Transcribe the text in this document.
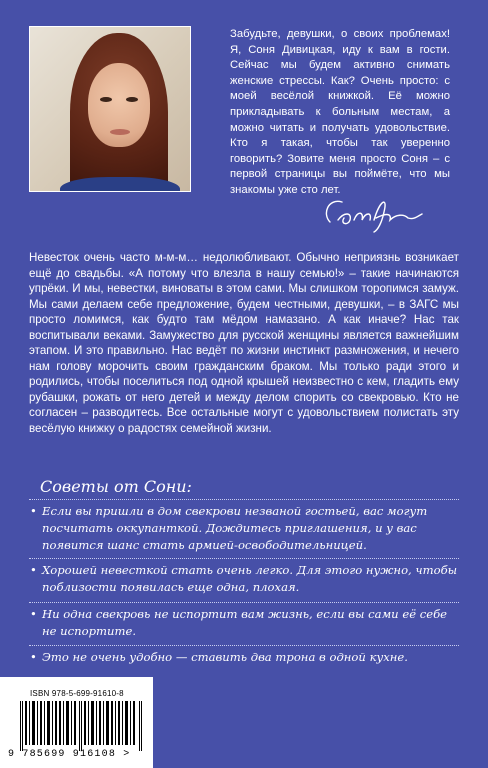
Забудьте, девушки, о своих проблемах! Я, Соня Дивицкая, иду к вам в гости. Сейчас мы будем активно снимать женские стрессы. Как? Очень просто: с моей весёлой книжкой. Её можно прикладывать к больным местам, а можно читать и получать удовольствие. Кто я такая, чтобы так уверенно говорить? Зовите меня просто Соня – с первой страницы вы поймёте, что мы знакомы уже сто лет.

Невесток очень часто м-м-м… недолюбливают. Обычно неприязнь возникает ещё до свадьбы. «А потому что влезла в нашу семью!» – такие начинаются упрёки. И мы, невестки, виноваты в этом сами. Мы слишком торопимся замуж. Мы сами делаем себе предложение, будем честными, девушки, – в ЗАГС мы просто ломимся, как будто там мёдом намазано. А как иначе? Нас так воспитывали веками. Замужество для русской женщины является важнейшим этапом. И это правильно. Нас ведёт по жизни инстинкт размножения, и нечего нам голову морочить своим гражданским браком. Мы только ради этого и родились, чтобы поселиться под одной крышей неизвестно с кем, гладить ему рубашки, рожать от него детей и между делом спорить со свекровью. Кто не согласен – разводитесь. Все остальные могут с удовольствием полистать эту весёлую книжку о радостях семейной жизни.

Советы от Сони:
• Если вы пришли в дом свекрови незваной гостьей, вас могут посчитать оккупанткой. Дождитесь приглашения, и у вас появится шанс стать армией-освободительницей.
• Хорошей невесткой стать очень легко. Для этого нужно, чтобы поблизости появилась еще одна, плохая.
• Ни одна свекровь не испортит вам жизнь, если вы сами её себе не испортите.
• Это не очень удобно — ставить два трона в одной кухне.
ISBN 978-5-699-91610-8
9 785699 916108 >
